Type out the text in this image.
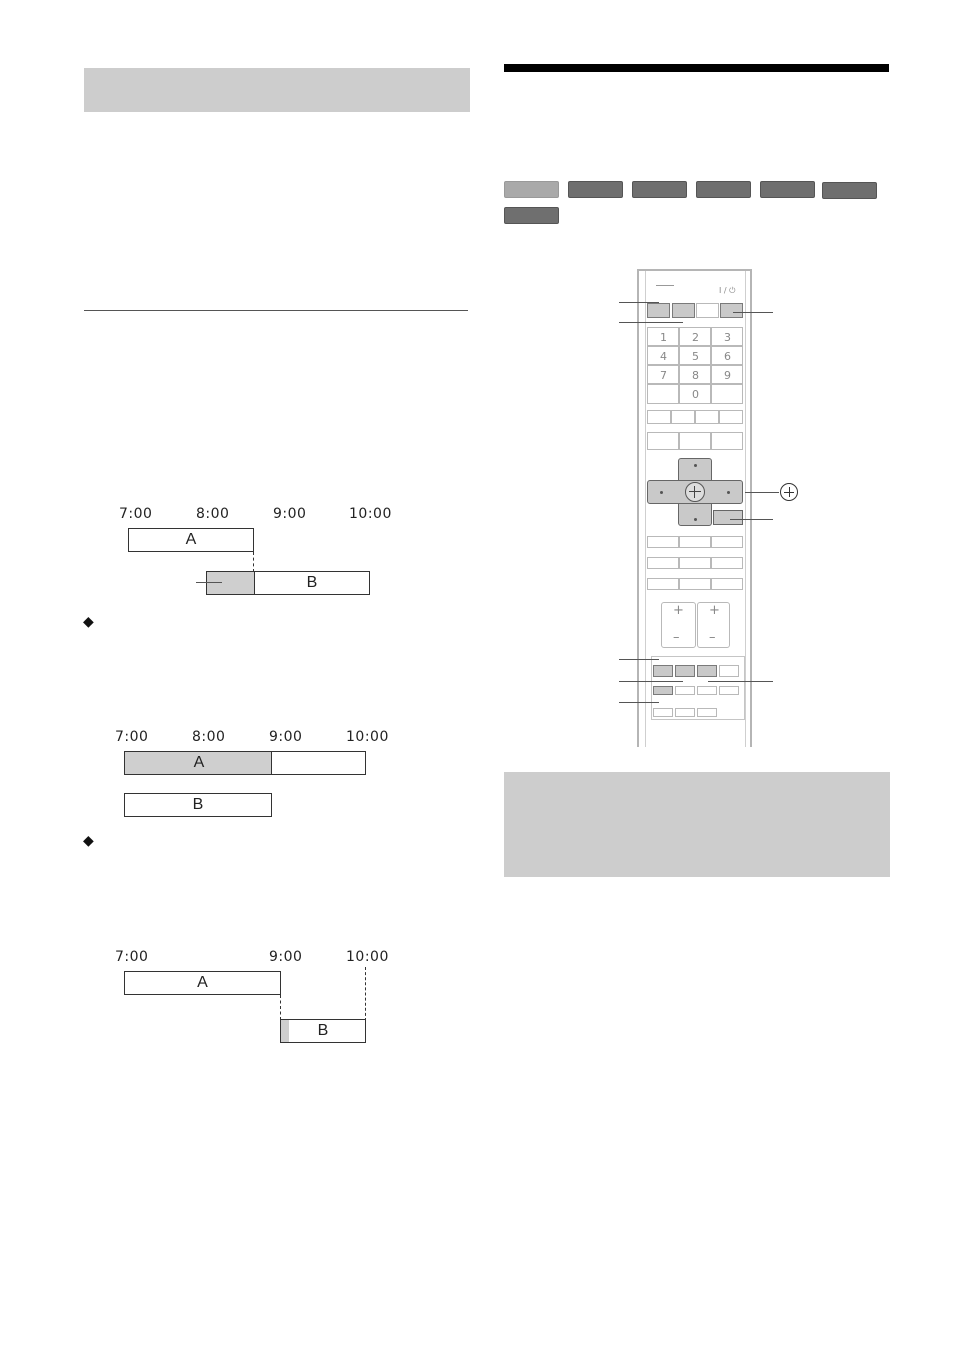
7:00	8:00	9:00	10:00
A
B
◆
7:00	8:00	9:00	10:00
A
B
◆
7:00	9:00	10:00
A
B
I / ⏻
1 2 3
4 5 6
7 8 9
0
+
–
+
–
